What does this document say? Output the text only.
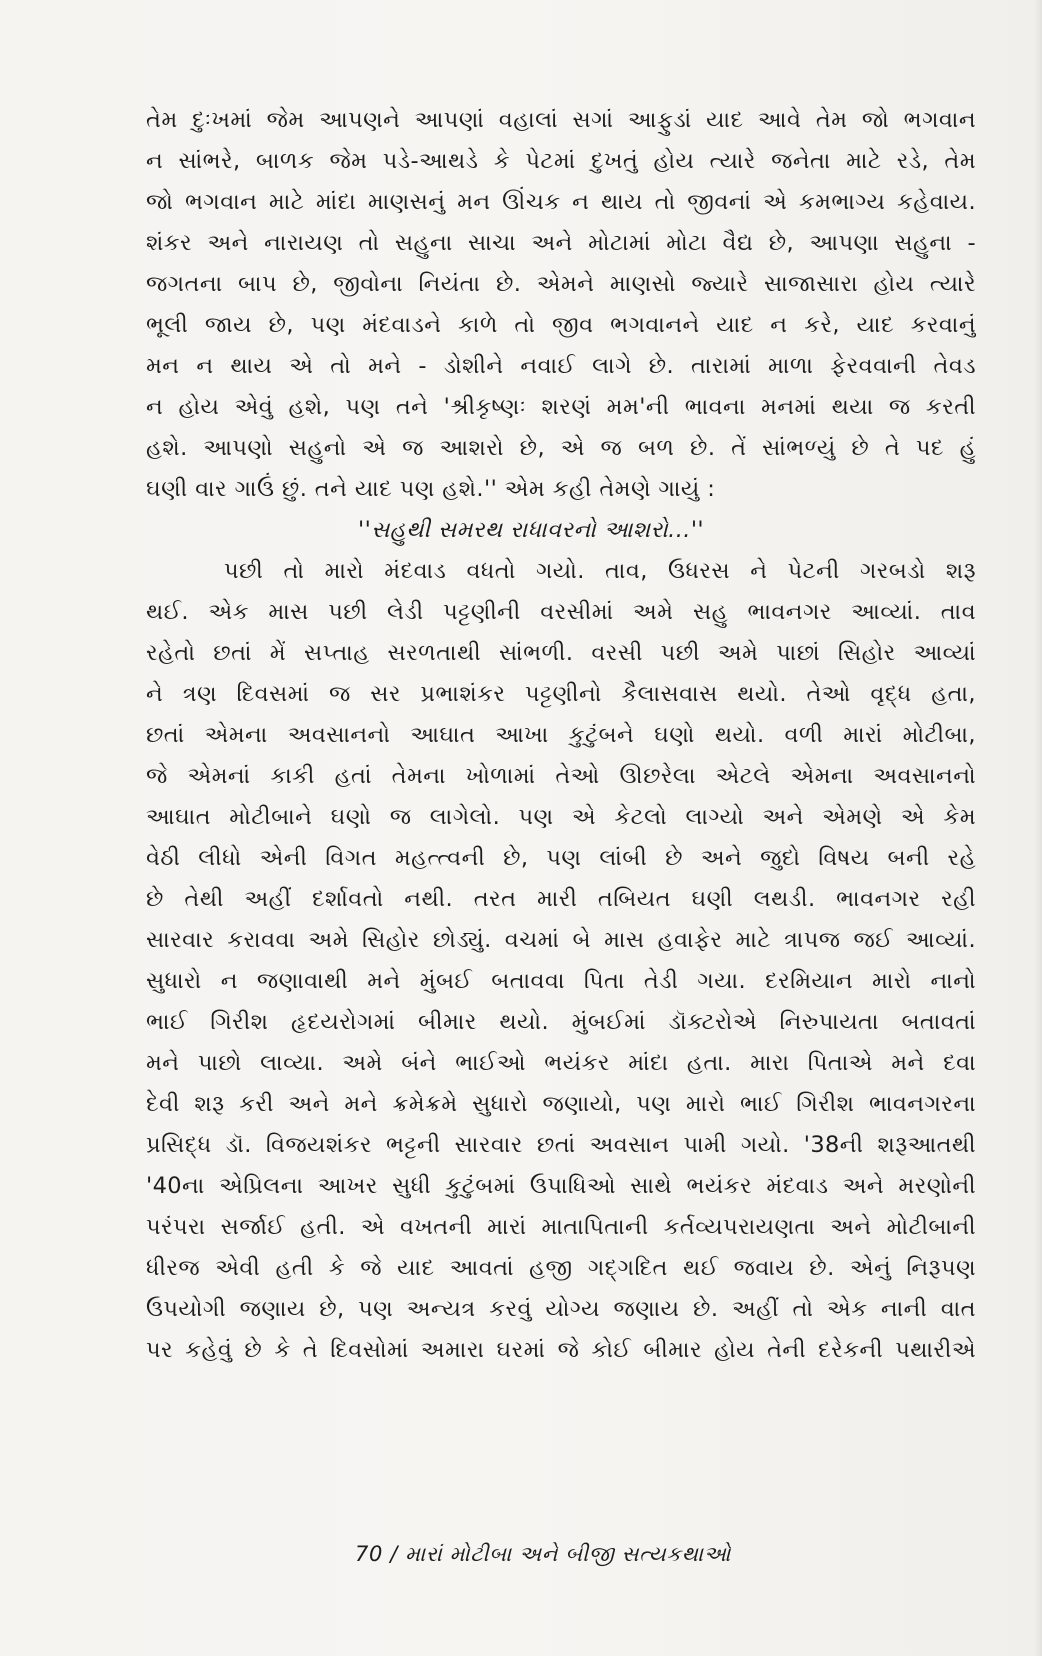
તેમ દુઃખમાં જેમ આપણને આપણાં વહાલાં સગાં આફુડાં યાદ આવે તેમ જો ભગવાન
ન સાંભરે, બાળક જેમ પડે-આથડે કે પેટમાં દુખતું હોય ત્યારે જનેતા માટે રડે, તેમ
જો ભગવાન માટે માંદા માણસનું મન ઊંચક ન થાય તો જીવનાં એ કમભાગ્ય કહેવાય.
શંકર અને નારાયણ તો સહુના સાચા અને મોટામાં મોટા વૈદ્ય છે, આપણા સહુના -
જગતના બાપ છે, જીવોના નિયંતા છે. એમને માણસો જ્યારે સાજાસારા હોય ત્યારે
ભૂલી જાય છે, પણ મંદવાડને કાળે તો જીવ ભગવાનને યાદ ન કરે, યાદ કરવાનું
મન ન થાય એ તો મને - ડોશીને નવાઈ લાગે છે. તારામાં માળા ફેરવવાની તેવડ
ન હોય એવું હશે, પણ તને 'શ્રીકૃષ્ણઃ શરણં મમ'ની ભાવના મનમાં થયા જ કરતી
હશે. આપણો સહુનો એ જ આશરો છે, એ જ બળ છે. તેં સાંભળ્યું છે તે પદ હું
ઘણી વાર ગાઉં છું. તને યાદ પણ હશે.'' એમ કહી તેમણે ગાયું :
''સહુથી સમરથ રાધાવરનો આશરો...''
પછી તો મારો મંદવાડ વધતો ગયો. તાવ, ઉધરસ ને પેટની ગરબડો શરૂ
થઈ. એક માસ પછી લેડી પટ્ટણીની વરસીમાં અમે સહુ ભાવનગર આવ્યાં. તાવ
રહેતો છતાં મેં સપ્તાહ સરળતાથી સાંભળી. વરસી પછી અમે પાછાં સિહોર આવ્યાં
ને ત્રણ દિવસમાં જ સર પ્રભાશંકર પટ્ટણીનો કૈલાસવાસ થયો. તેઓ વૃદ્ધ હતા,
છતાં એમના અવસાનનો આઘાત આખા કુટુંબને ઘણો થયો. વળી મારાં મોટીબા,
જે એમનાં કાકી હતાં તેમના ખોળામાં તેઓ ઊછરેલા એટલે એમના અવસાનનો
આઘાત મોટીબાને ઘણો જ લાગેલો. પણ એ કેટલો લાગ્યો અને એમણે એ કેમ
વેઠી લીધો એની વિગત મહત્ત્વની છે, પણ લાંબી છે અને જુદો વિષય બની રહે
છે તેથી અહીં દર્શાવતો નથી. તરત મારી તબિયત ઘણી લથડી. ભાવનગર રહી
સારવાર કરાવવા અમે સિહોર છોડ્યું. વચમાં બે માસ હવાફેર માટે ત્રાપજ જઈ આવ્યાં.
સુધારો ન જણાવાથી મને મુંબઈ બતાવવા પિતા તેડી ગયા. દરમિયાન મારો નાનો
ભાઈ ગિરીશ હૃદયરોગમાં બીમાર થયો. મુંબઈમાં ડૉક્ટરોએ નિરુપાયતા બતાવતાં
મને પાછો લાવ્યા. અમે બંને ભાઈઓ ભયંકર માંદા હતા. મારા પિતાએ મને દવા
દેવી શરૂ કરી અને મને ક્રમેક્રમે સુધારો જણાયો, પણ મારો ભાઈ ગિરીશ ભાવનગરના
પ્રસિદ્ધ ડૉ. વિજયશંકર ભટ્ટની સારવાર છતાં અવસાન પામી ગયો. '38ની શરૂઆતથી
'40ના એપ્રિલના આખર સુધી કુટુંબમાં ઉપાધિઓ સાથે ભયંકર મંદવાડ અને મરણોની
પરંપરા સર્જાઈ હતી. એ વખતની મારાં માતાપિતાની કર્તવ્યપરાયણતા અને મોટીબાની
ધીરજ એવી હતી કે જે યાદ આવતાં હજી ગદ્ગદિત થઈ જવાય છે. એનું નિરૂપણ
ઉપયોગી જણાય છે, પણ અન્યત્ર કરવું યોગ્ય જણાય છે. અહીં તો એક નાની વાત
પર કહેવું છે કે તે દિવસોમાં અમારા ઘરમાં જે કોઈ બીમાર હોય તેની દરેકની પથારીએ
70 / મારાં મોટીબા અને બીજી સત્યકથાઓ
